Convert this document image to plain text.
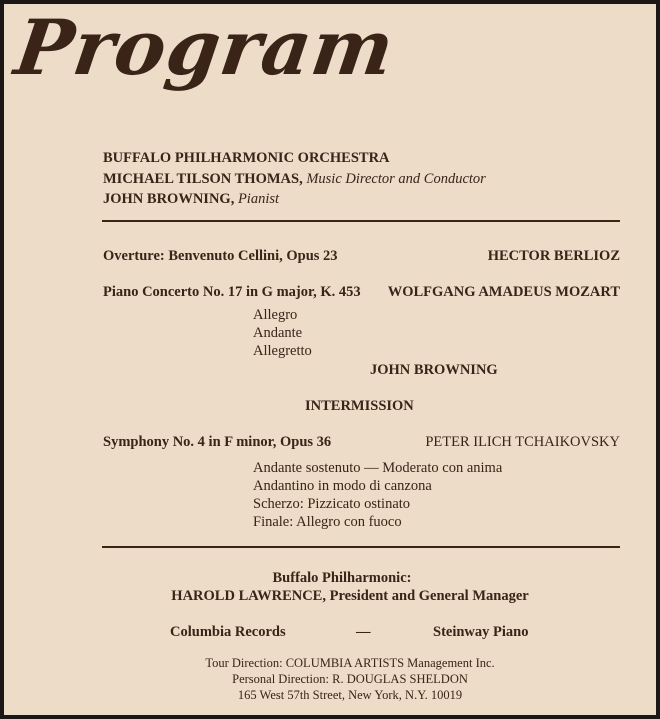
Program
BUFFALO PHILHARMONIC ORCHESTRA
MICHAEL TILSON THOMAS, Music Director and Conductor
JOHN BROWNING, Pianist
Overture: Benvenuto Cellini, Opus 23	HECTOR BERLIOZ
Piano Concerto No. 17 in G major, K. 453 WOLFGANG AMADEUS MOZART
Allegro
Andante
Allegretto
JOHN BROWNING
INTERMISSION
Symphony No. 4 in F minor, Opus 36	PETER ILICH TCHAIKOVSKY
Andante sostenuto — Moderato con anima
Andantino in modo di canzona
Scherzo: Pizzicato ostinato
Finale: Allegro con fuoco
Buffalo Philharmonic:
HAROLD LAWRENCE, President and General Manager
Columbia Records	—	Steinway Piano
Tour Direction: COLUMBIA ARTISTS Management Inc.
Personal Direction: R. DOUGLAS SHELDON
165 West 57th Street, New York, N.Y. 10019
